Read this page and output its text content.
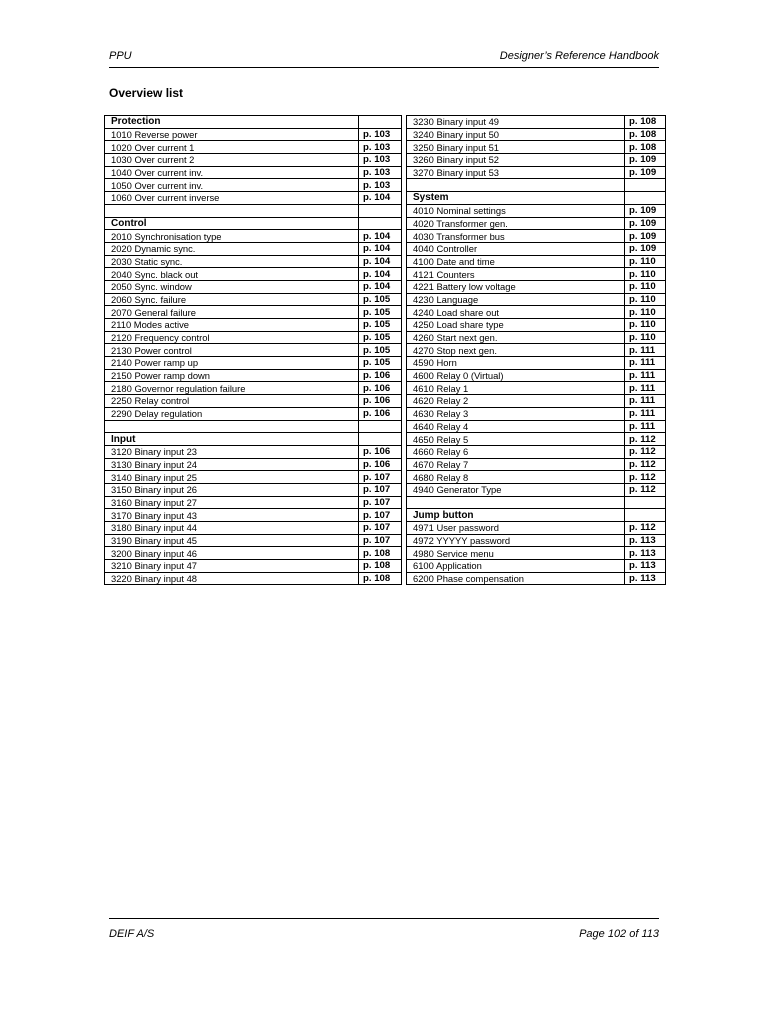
PPU	Designer’s Reference Handbook
Overview list
Protection			3230 Binary input 49	p. 108
1010 Reverse power	p. 103		3240 Binary input 50	p. 108
1020 Over current 1	p. 103		3250 Binary input 51	p. 108
1030 Over current 2	p. 103		3260 Binary input 52	p. 109
1040 Over current inv.	p. 103		3270 Binary input 53	p. 109
1050 Over current inv.	p. 103			
1060 Over current inverse	p. 104		System	
			4010 Nominal settings	p. 109
Control			4020 Transformer gen.	p. 109
2010 Synchronisation type	p. 104		4030 Transformer bus	p. 109
2020 Dynamic sync.	p. 104		4040 Controller	p. 109
2030 Static sync.	p. 104		4100 Date and time	p. 110
2040 Sync. black out	p. 104		4121 Counters	p. 110
2050 Sync. window	p. 104		4221 Battery low voltage	p. 110
2060 Sync. failure	p. 105		4230 Language	p. 110
2070 General failure	p. 105		4240 Load share out	p. 110
2110 Modes active	p. 105		4250 Load share type	p. 110
2120 Frequency control	p. 105		4260 Start next gen.	p. 110
2130 Power control	p. 105		4270 Stop next gen.	p. 111
2140 Power ramp up	p. 105		4590 Horn	p. 111
2150 Power ramp down	p. 106		4600 Relay 0 (Virtual)	p. 111
2180 Governor regulation failure	p. 106		4610 Relay 1	p. 111
2250 Relay control	p. 106		4620 Relay 2	p. 111
2290 Delay regulation	p. 106		4630 Relay 3	p. 111
			4640 Relay 4	p. 111
Input			4650 Relay 5	p. 112
3120 Binary input 23	p. 106		4660 Relay 6	p. 112
3130 Binary input 24	p. 106		4670 Relay 7	p. 112
3140 Binary input 25	p. 107		4680 Relay 8	p. 112
3150 Binary input 26	p. 107		4940 Generator Type	p. 112
3160 Binary input 27	p. 107			
3170 Binary input 43	p. 107		Jump button	
3180 Binary input 44	p. 107		4971 User password	p. 112
3190 Binary input 45	p. 107		4972 YYYYY password	p. 113
3200 Binary input 46	p. 108		4980 Service menu	p. 113
3210 Binary input 47	p. 108		6100 Application	p. 113
3220 Binary input 48	p. 108		6200 Phase compensation	p. 113
DEIF A/S	Page 102 of 113
